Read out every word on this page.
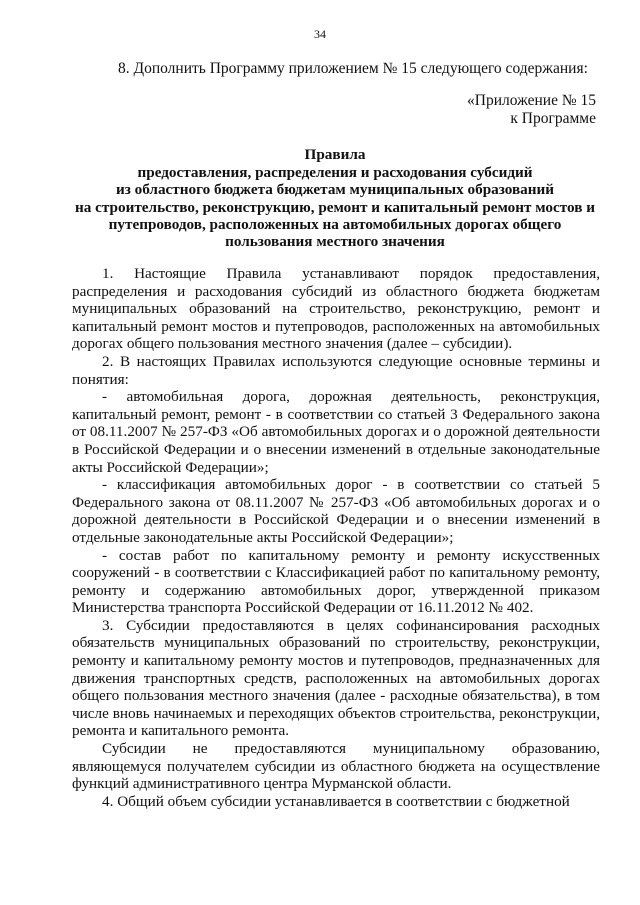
34
8. Дополнить Программу приложением № 15 следующего содержания:
«Приложение № 15
к Программе
Правила
предоставления, распределения и расходования субсидий
из областного бюджета бюджетам муниципальных образований
на строительство, реконструкцию, ремонт и капитальный ремонт мостов и
путепроводов, расположенных на автомобильных дорогах общего
пользования местного значения

1. Настоящие Правила устанавливают порядок предоставления, распределения и расходования субсидий из областного бюджета бюджетам муниципальных образований на строительство, реконструкцию, ремонт и капитальный ремонт мостов и путепроводов, расположенных на автомобильных дорогах общего пользования местного значения (далее – субсидии).

2. В настоящих Правилах используются следующие основные термины и понятия:

- автомобильная дорога, дорожная деятельность, реконструкция, капитальный ремонт, ремонт - в соответствии со статьей 3 Федерального закона от 08.11.2007 № 257-ФЗ «Об автомобильных дорогах и о дорожной деятельности в Российской Федерации и о внесении изменений в отдельные законодательные акты Российской Федерации»;

- классификация автомобильных дорог - в соответствии со статьей 5 Федерального закона от 08.11.2007 № 257-ФЗ «Об автомобильных дорогах и о дорожной деятельности в Российской Федерации и о внесении изменений в отдельные законодательные акты Российской Федерации»;

- состав работ по капитальному ремонту и ремонту искусственных сооружений - в соответствии с Классификацией работ по капитальному ремонту, ремонту и содержанию автомобильных дорог, утвержденной приказом Министерства транспорта Российской Федерации от 16.11.2012 № 402.

3. Субсидии предоставляются в целях софинансирования расходных обязательств муниципальных образований по строительству, реконструкции, ремонту и капитальному ремонту мостов и путепроводов, предназначенных для движения транспортных средств, расположенных на автомобильных дорогах общего пользования местного значения (далее - расходные обязательства), в том числе вновь начинаемых и переходящих объектов строительства, реконструкции, ремонта и капитального ремонта.

Субсидии не предоставляются муниципальному образованию, являющемуся получателем субсидии из областного бюджета на осуществление функций административного центра Мурманской области.

4. Общий объем субсидии устанавливается в соответствии с бюджетной
